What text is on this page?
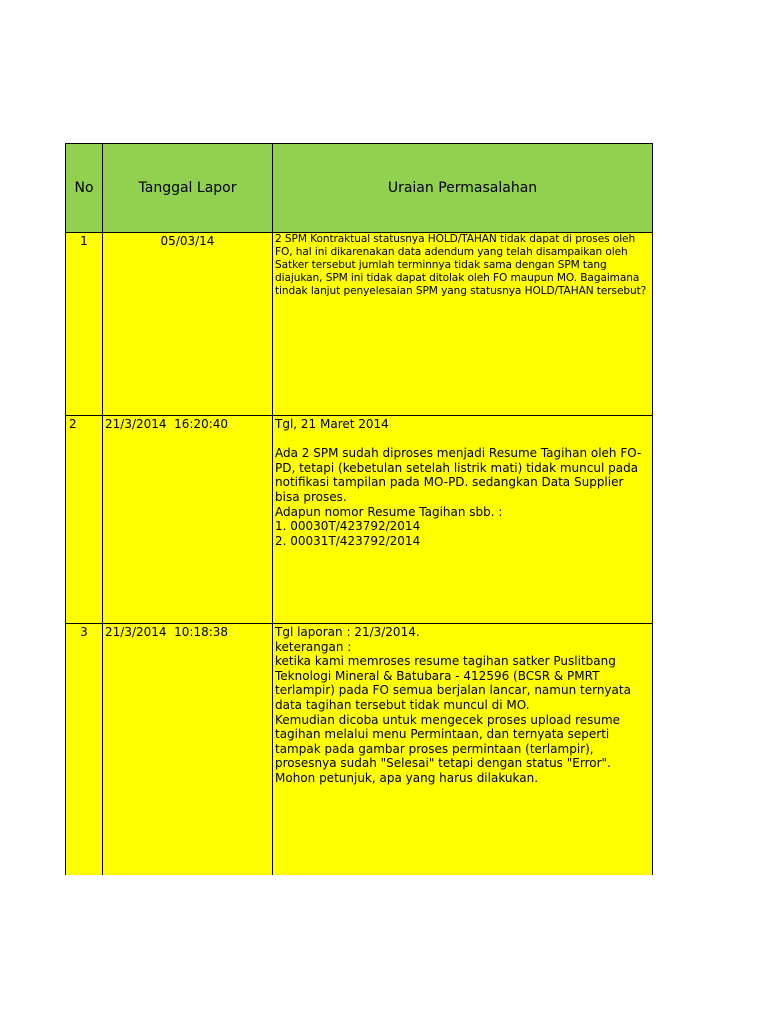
No	Tanggal Lapor	Uraian Permasalahan
1	05/03/14	2 SPM Kontraktual statusnya HOLD/TAHAN tidak dapat di proses oleh FO, hal ini dikarenakan data adendum yang telah disampaikan oleh Satker tersebut jumlah terminnya tidak sama dengan SPM tang diajukan, SPM ini tidak dapat ditolak oleh FO maupun MO. Bagaimana tindak lanjut penyelesaian SPM yang statusnya HOLD/TAHAN tersebut?
2	21/3/2014  16:20:40	Tgl, 21 Maret 2014

Ada 2 SPM sudah diproses menjadi Resume Tagihan oleh FO-PD, tetapi (kebetulan setelah listrik mati) tidak muncul pada notifikasi tampilan pada MO-PD. sedangkan Data Supplier bisa proses.
Adapun nomor Resume Tagihan sbb. :
1. 00030T/423792/2014
2. 00031T/423792/2014
3	21/3/2014  10:18:38	Tgl laporan : 21/3/2014.
keterangan :
ketika kami memroses resume tagihan satker Puslitbang Teknologi Mineral & Batubara - 412596 (BCSR & PMRT terlampir) pada FO semua berjalan lancar, namun ternyata data tagihan tersebut tidak muncul di MO.
Kemudian dicoba untuk mengecek proses upload resume tagihan melalui menu Permintaan, dan ternyata seperti tampak pada gambar proses permintaan (terlampir), prosesnya sudah "Selesai" tetapi dengan status "Error".
Mohon petunjuk, apa yang harus dilakukan.
